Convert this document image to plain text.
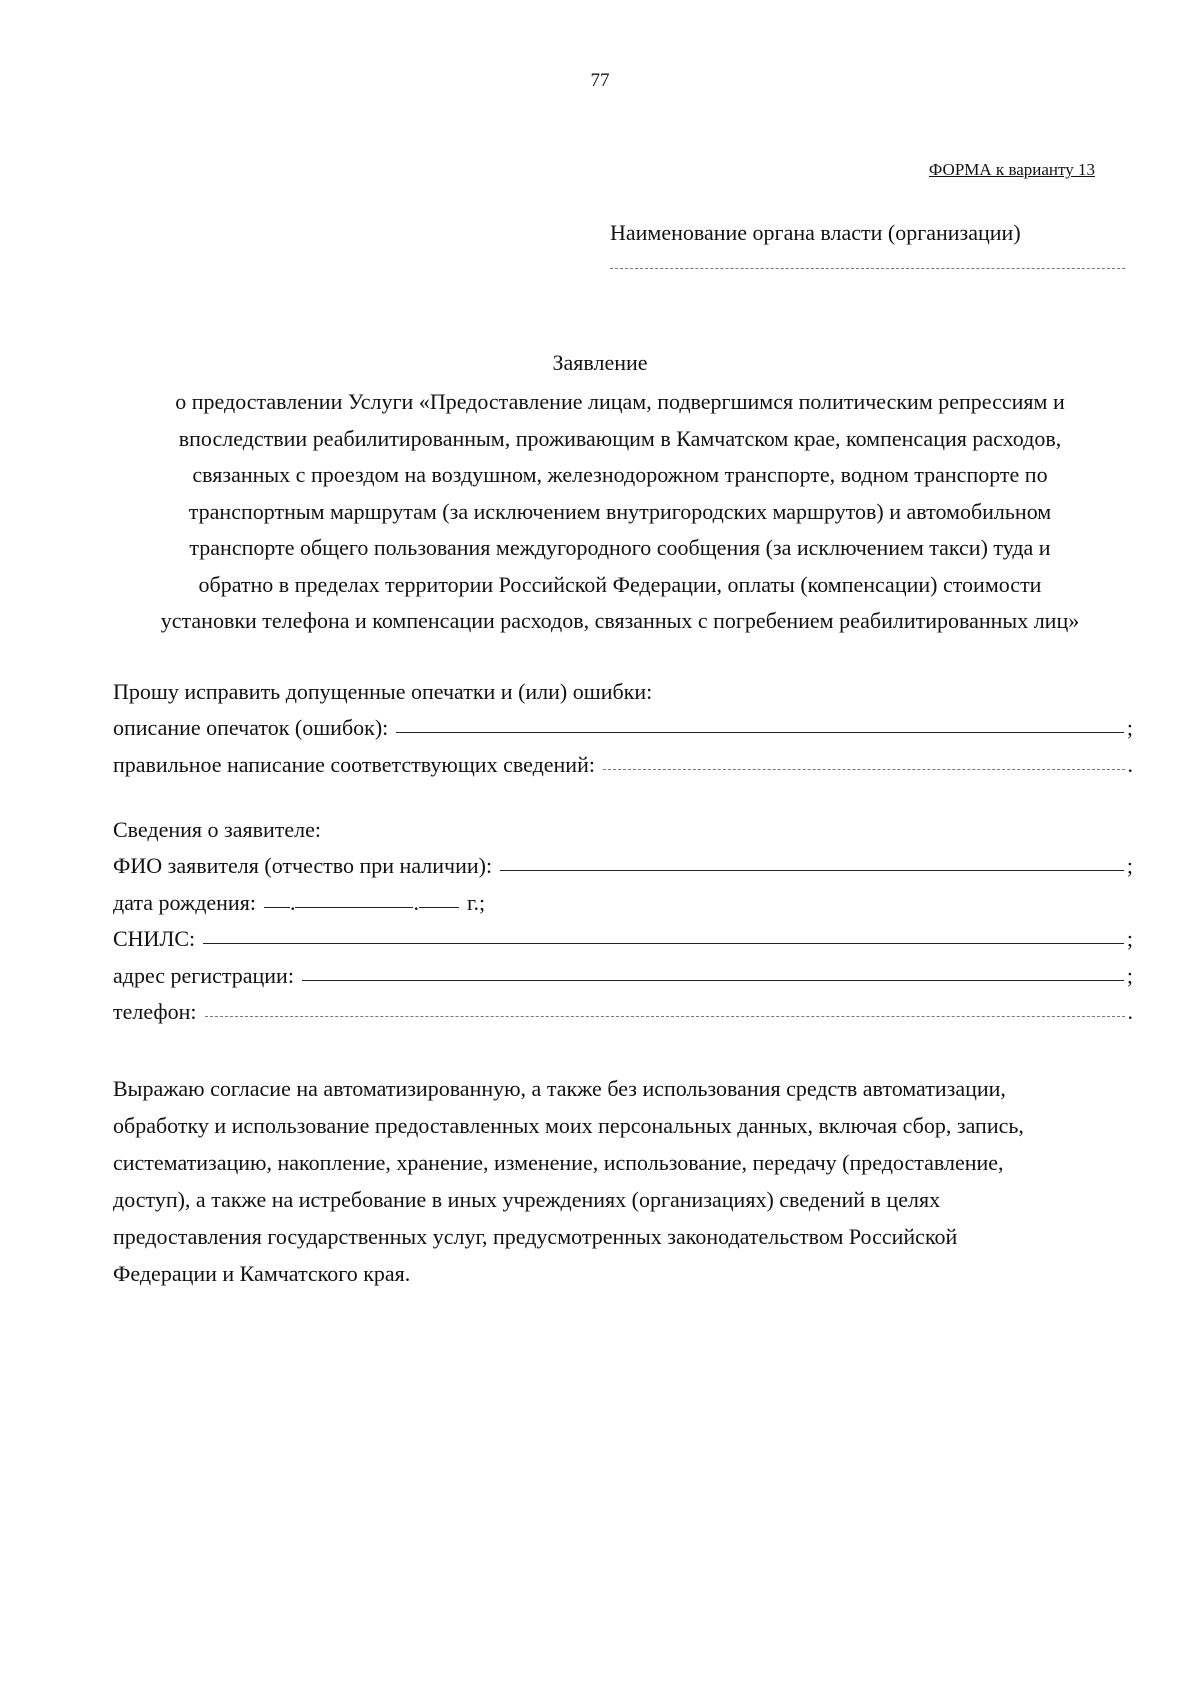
77
ФОРМА к варианту 13
Наименование органа власти (организации)
Заявление
о предоставлении Услуги «Предоставление лицам, подвергшимся политическим репрессиям и
впоследствии реабилитированным, проживающим в Камчатском крае, компенсация расходов,
связанных с проездом на воздушном, железнодорожном транспорте, водном транспорте по
транспортным маршрутам (за исключением внутригородских маршрутов) и автомобильном
транспорте общего пользования междугородного сообщения (за исключением такси) туда и
обратно в пределах территории Российской Федерации, оплаты (компенсации) стоимости
установки телефона и компенсации расходов, связанных с погребением реабилитированных лиц»
Прошу исправить допущенные опечатки и (или) ошибки:
описание опечаток (ошибок):	;
правильное написание соответствующих сведений:	.
Сведения о заявителе:
ФИО заявителя (отчество при наличии):	;
дата рождения: .	. г.;
СНИЛС:	;
адрес регистрации:	;
телефон:	.
Выражаю согласие на автоматизированную, а также без использования средств автоматизации,
обработку и использование предоставленных моих персональных данных, включая сбор, запись,
систематизацию, накопление, хранение, изменение, использование, передачу (предоставление,
доступ), а также на истребование в иных учреждениях (организациях) сведений в целях
предоставления государственных услуг, предусмотренных законодательством Российской
Федерации и Камчатского края.
